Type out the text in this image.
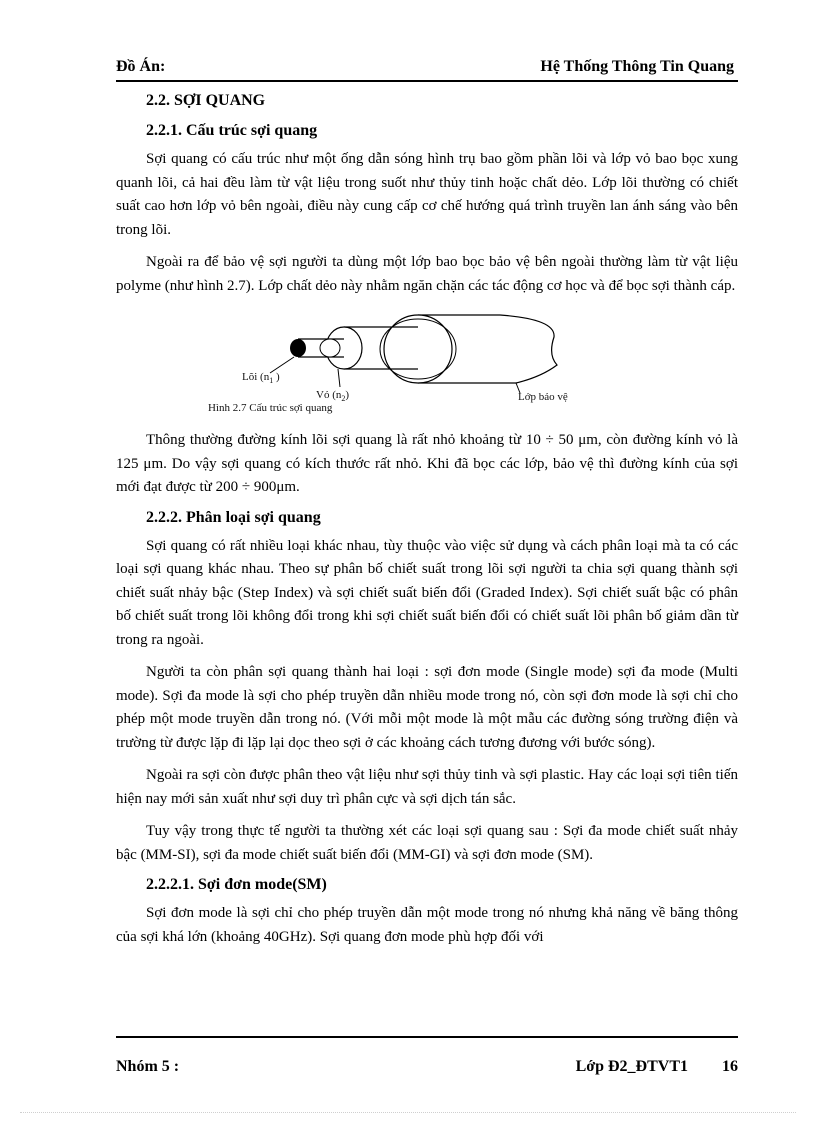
Đồ Án:	Hệ Thống Thông Tin Quang
2.2. SỢI QUANG
2.2.1. Cấu trúc sợi quang

Sợi quang có cấu trúc như một ống dẫn sóng hình trụ bao gồm phần lõi và lớp vỏ bao bọc xung quanh lõi, cả hai đều làm từ vật liệu trong suốt như thủy tinh hoặc chất dẻo. Lớp lõi thường có chiết suất cao hơn lớp vỏ bên ngoài, điều này cung cấp cơ chế hướng quá trình truyền lan ánh sáng vào bên trong lõi.

Ngoài ra để bảo vệ sợi người ta dùng một lớp bao bọc bảo vệ bên ngoài thường làm từ vật liệu polyme (như hình 2.7). Lớp chất dẻo này nhằm ngăn chặn các tác động cơ học và để bọc sợi thành cáp.

Lõi ($n_1$ )
Vỏ $(n_2)$	Lớp bảo vệ
Hình 2.7 Cấu trúc sợi quang

Thông thường đường kính lõi sợi quang là rất nhỏ khoảng từ 10 ÷ 50 μm, còn đường kính vỏ là 125 μm. Do vậy sợi quang có kích thước rất nhỏ. Khi đã bọc các lớp, bảo vệ thì đường kính của sợi mới đạt được từ 200 ÷ 900μm.

2.2.2. Phân loại sợi quang

Sợi quang có rất nhiều loại khác nhau, tùy thuộc vào việc sử dụng và cách phân loại mà ta có các loại sợi quang khác nhau. Theo sự phân bố chiết suất trong lõi sợi người ta chia sợi quang thành sợi chiết suất nhảy bậc (Step Index) và sợi chiết suất biến đổi (Graded Index). Sợi chiết suất bậc có phân bố chiết suất trong lõi không đổi trong khi sợi chiết suất biến đổi có chiết suất lõi phân bố giảm dần từ trong ra ngoài.

Người ta còn phân sợi quang thành hai loại : sợi đơn mode (Single mode) sợi đa mode (Multi mode). Sợi đa mode là sợi cho phép truyền dẫn nhiều mode trong nó, còn sợi đơn mode là sợi chỉ cho phép một mode truyền dẫn trong nó. (Với mỗi một mode là một mẫu các đường sóng trường điện và trường từ được lặp đi lặp lại dọc theo sợi ở các khoảng cách tương đương với bước sóng).

Ngoài ra sợi còn được phân theo vật liệu như sợi thủy tinh và sợi plastic. Hay các loại sợi tiên tiến hiện nay mới sản xuất như sợi duy trì phân cực và sợi dịch tán sắc.

Tuy vậy trong thực tế người ta thường xét các loại sợi quang sau : Sợi đa mode chiết suất nhảy bậc (MM-SI), sợi đa mode chiết suất biến đổi (MM-GI) và sợi đơn mode (SM).

2.2.2.1. Sợi đơn mode(SM)

Sợi đơn mode là sợi chỉ cho phép truyền dẫn một mode trong nó nhưng khả năng về băng thông của sợi khá lớn (khoảng 40GHz). Sợi quang đơn mode phù hợp đối với

Nhóm 5 :	Lớp Đ2_ĐTVT1 16
